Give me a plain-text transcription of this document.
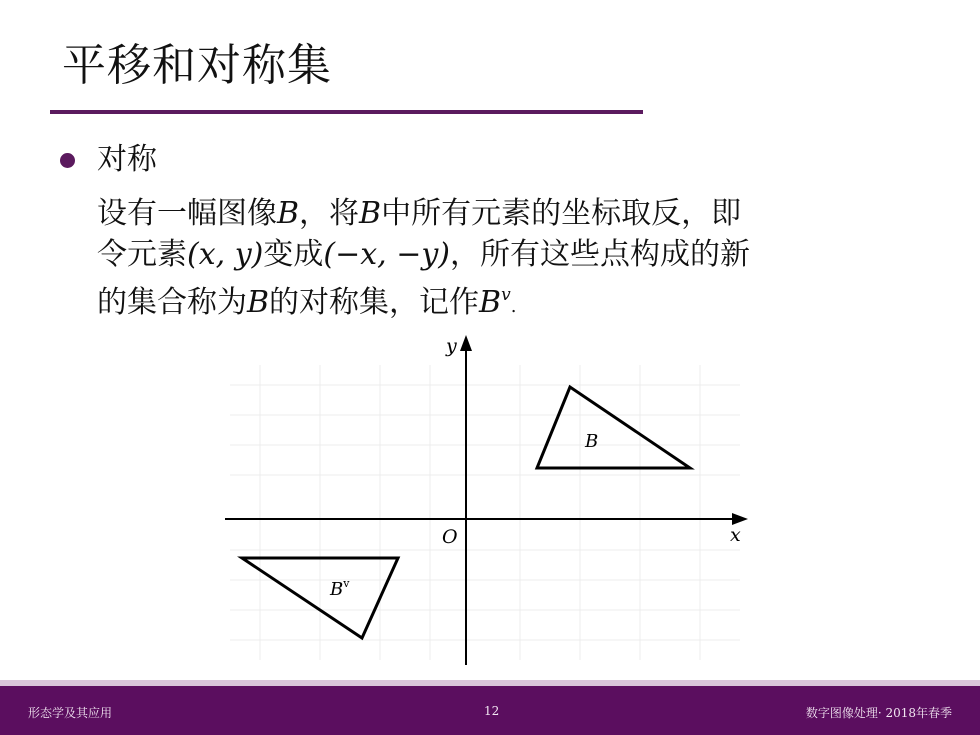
平移和对称集
对称
设有一幅图像B，将B中所有元素的坐标取反，即
令元素(x, y)变成(−x, −y)，所有这些点构成的新
的集合称为B的对称集，记作$B^v$.
y
x
O
B
$B^v$
形态学及其应用	12	数字图像处理· 2018年春季
